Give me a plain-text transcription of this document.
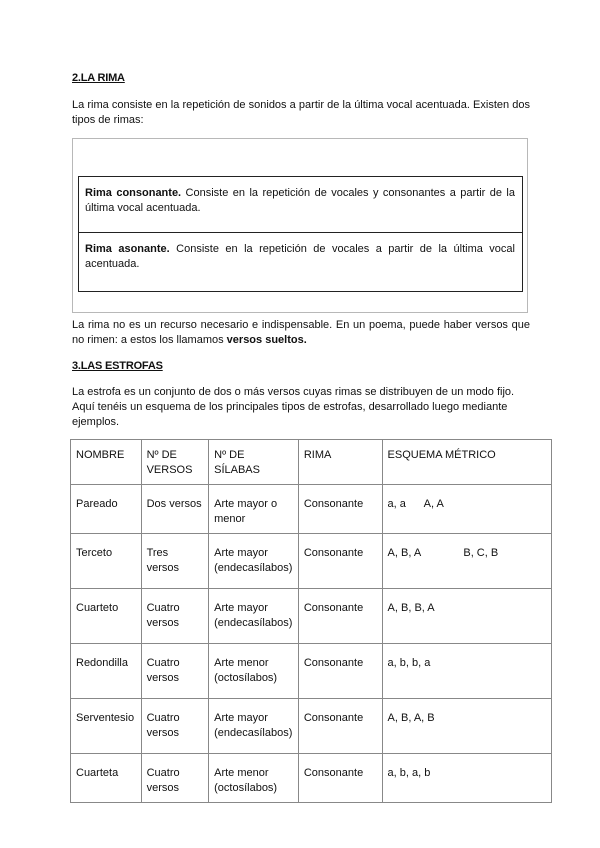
2.LA RIMA
La rima consiste en la repetición de sonidos a partir de la última vocal acentuada. Existen dos tipos de rimas:
Rima consonante. Consiste en la repetición de vocales y consonantes a partir de la última vocal acentuada.
Rima asonante. Consiste en la repetición de vocales a partir de la última vocal acentuada.
La rima no es un recurso necesario e indispensable. En un poema, puede haber versos que no rimen: a estos los llamamos versos sueltos.
3.LAS ESTROFAS
La estrofa es un conjunto de dos o más versos cuyas rimas se distribuyen de un modo fijo. Aquí tenéis un esquema de los principales tipos de estrofas, desarrollado luego mediante ejemplos.
NOMBRE	Nº DE VERSOS	Nº DE SÍLABAS	RIMA	ESQUEMA MÉTRICO
Pareado	Dos versos	Arte mayor o menor	Consonante	a, a      A, A
Terceto	Tres versos	Arte mayor (endecasílabos)	Consonante	A, B, A              B, C, B
Cuarteto	Cuatro versos	Arte mayor (endecasílabos)	Consonante	A, B, B, A
Redondilla	Cuatro versos	Arte menor (octosílabos)	Consonante	a, b, b, a
Serventesio	Cuatro versos	Arte mayor (endecasílabos)	Consonante	A, B, A, B
Cuarteta	Cuatro versos	Arte menor (octosílabos)	Consonante	a, b, a, b
